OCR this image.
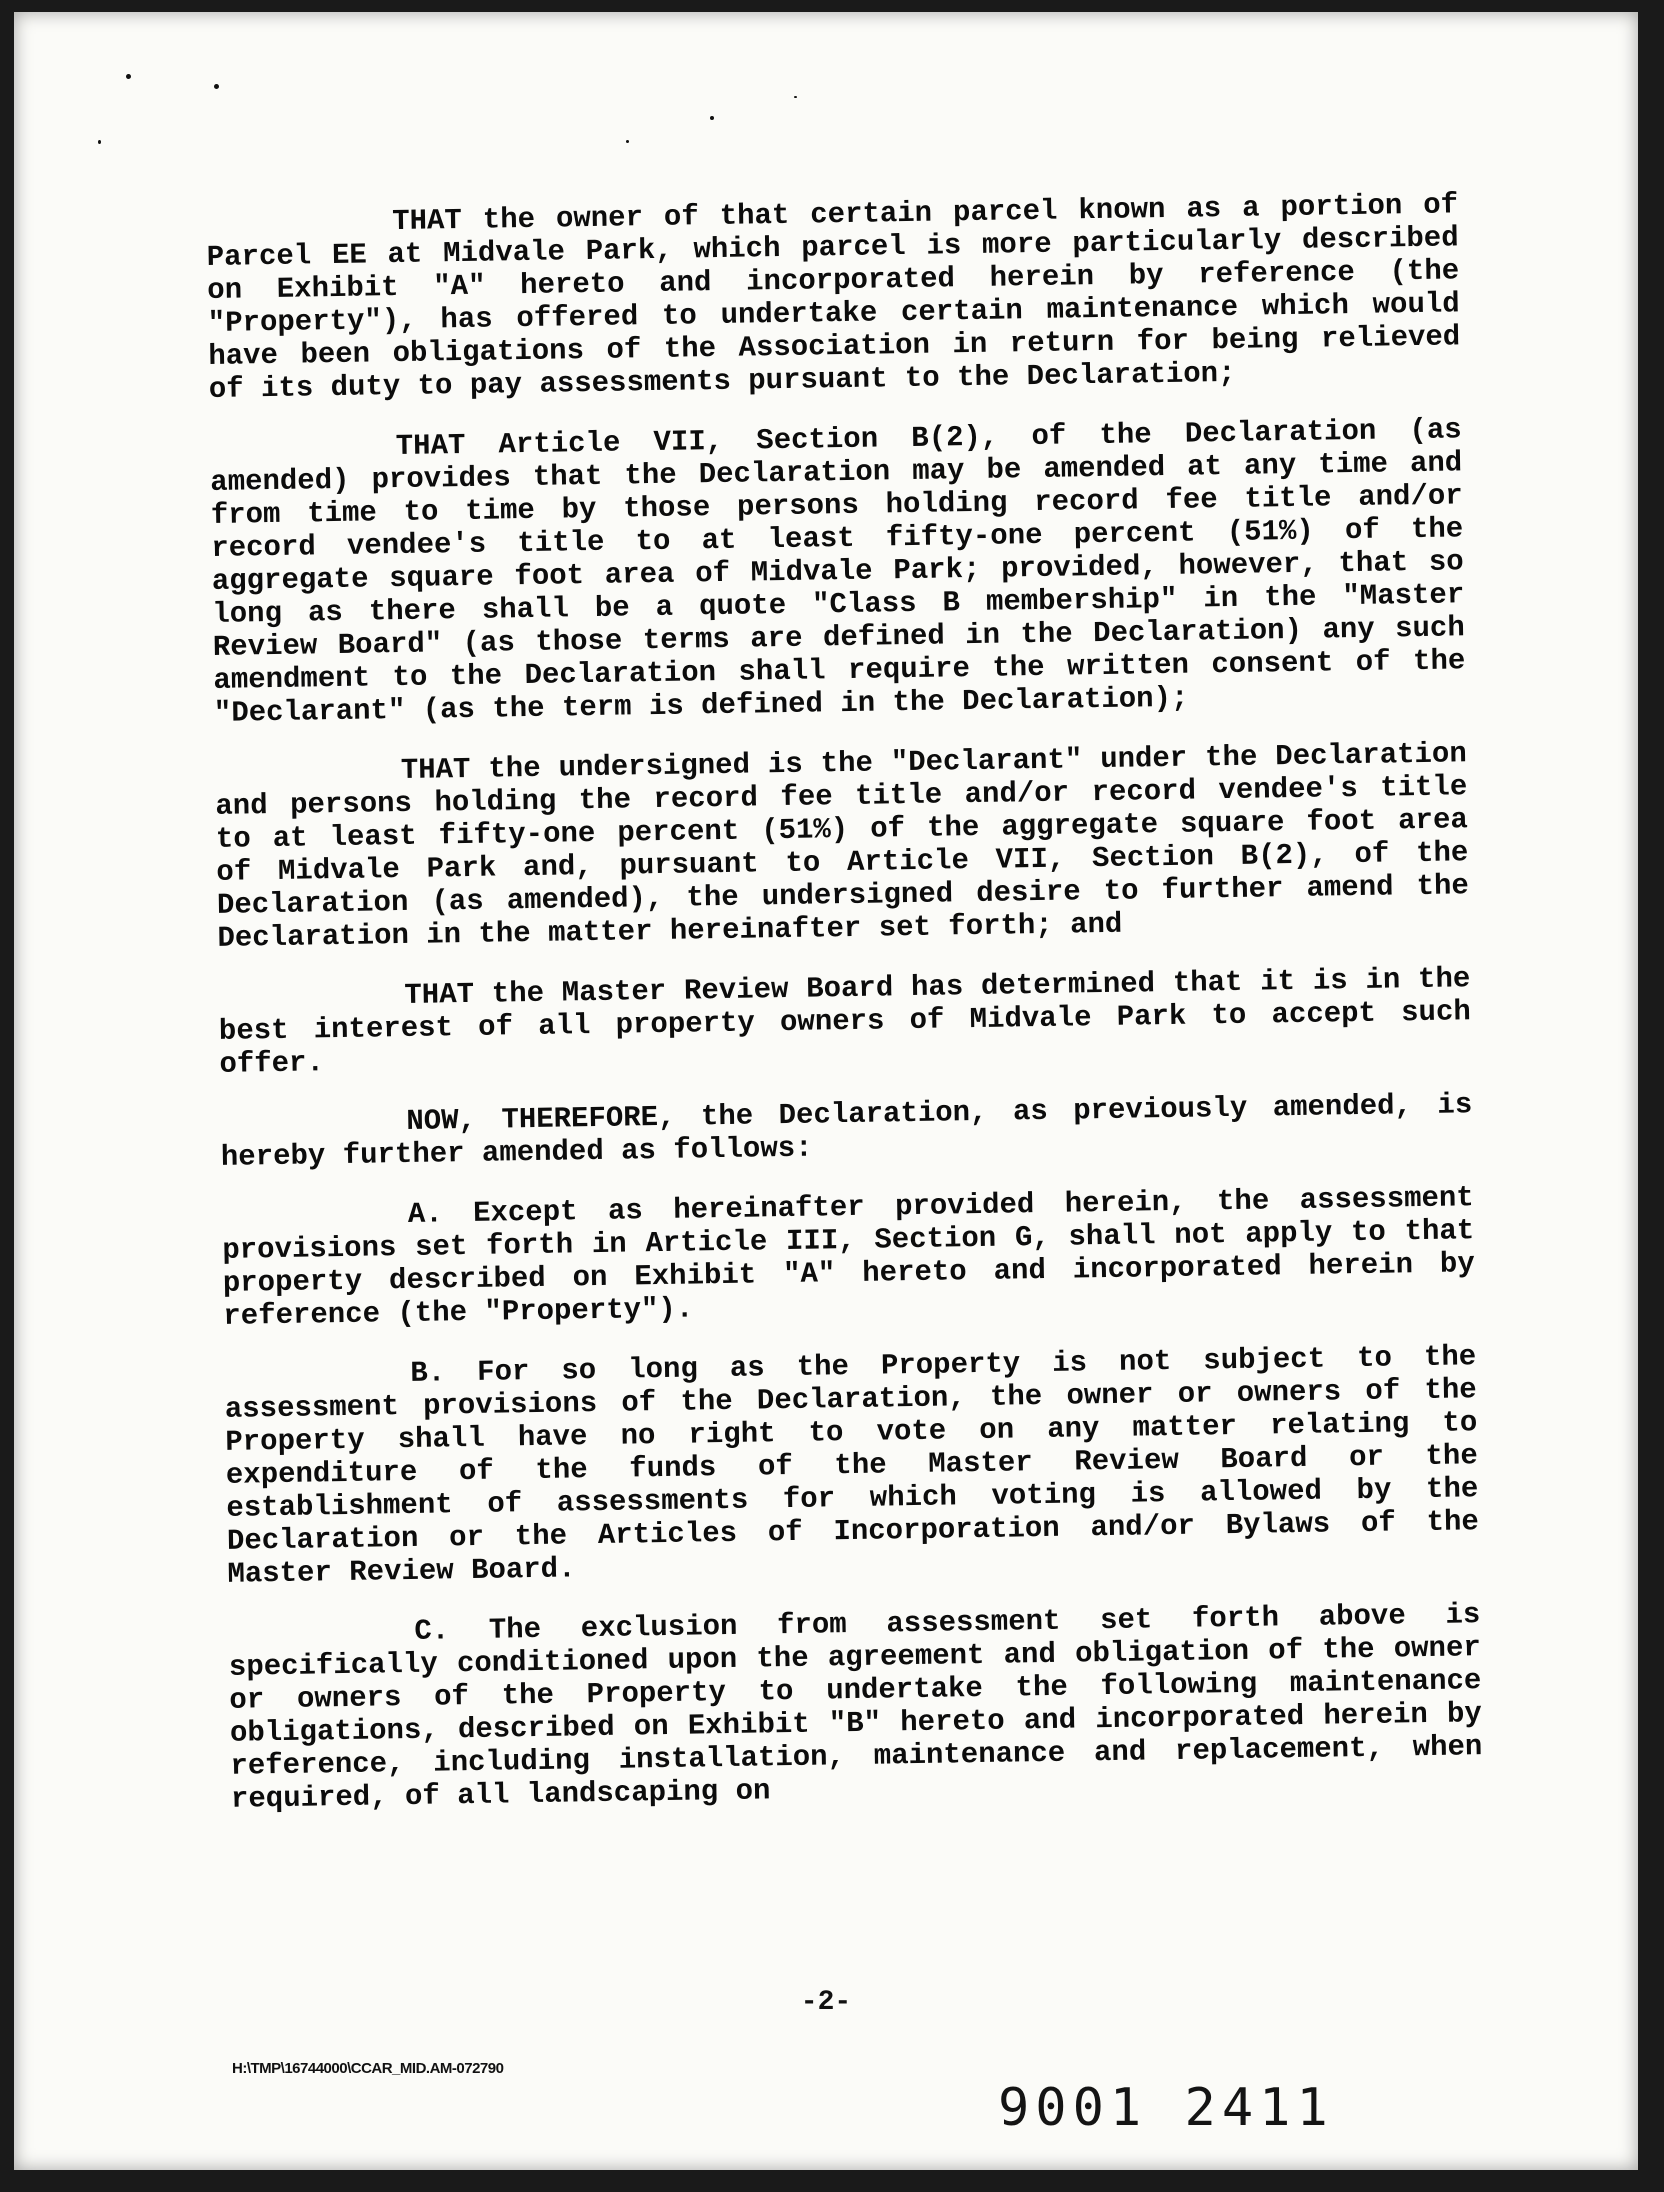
THAT the owner of that certain parcel known as a portion of Parcel EE at Midvale Park, which parcel is more particularly described on Exhibit "A" hereto and incorporated herein by reference (the "Property"), has offered to undertake certain maintenance which would have been obligations of the Association in return for being relieved of its duty to pay assessments pursuant to the Declaration;

THAT Article VII, Section B(2), of the Declaration (as amended) provides that the Declaration may be amended at any time and from time to time by those persons holding record fee title and/or record vendee's title to at least fifty-one percent (51%) of the aggregate square foot area of Midvale Park; provided, however, that so long as there shall be a quote "Class B membership" in the "Master Review Board" (as those terms are defined in the Declaration) any such amendment to the Declaration shall require the written consent of the "Declarant" (as the term is defined in the Declaration);

THAT the undersigned is the "Declarant" under the Declaration and persons holding the record fee title and/or record vendee's title to at least fifty-one percent (51%) of the aggregate square foot area of Midvale Park and, pursuant to Article VII, Section B(2), of the Declaration (as amended), the undersigned desire to further amend the Declaration in the matter hereinafter set forth; and

THAT the Master Review Board has determined that it is in the best interest of all property owners of Midvale Park to accept such offer.

NOW, THEREFORE, the Declaration, as previously amended, is hereby further amended as follows:

A. Except as hereinafter provided herein, the assessment provisions set forth in Article III, Section G, shall not apply to that property described on Exhibit "A" hereto and incorporated herein by reference (the "Property").

B. For so long as the Property is not subject to the assessment provisions of the Declaration, the owner or owners of the Property shall have no right to vote on any matter relating to expenditure of the funds of the Master Review Board or the establishment of assessments for which voting is allowed by the Declaration or the Articles of Incorporation and/or Bylaws of the Master Review Board.

C. The exclusion from assessment set forth above is specifically conditioned upon the agreement and obligation of the owner or owners of the Property to undertake the following maintenance obligations, described on Exhibit "B" hereto and incorporated herein by reference, including installation, maintenance and replacement, when required, of all landscaping on

-2-
H:\TMP\16744000\CCAR_MID.AM-072790
9001 2411
